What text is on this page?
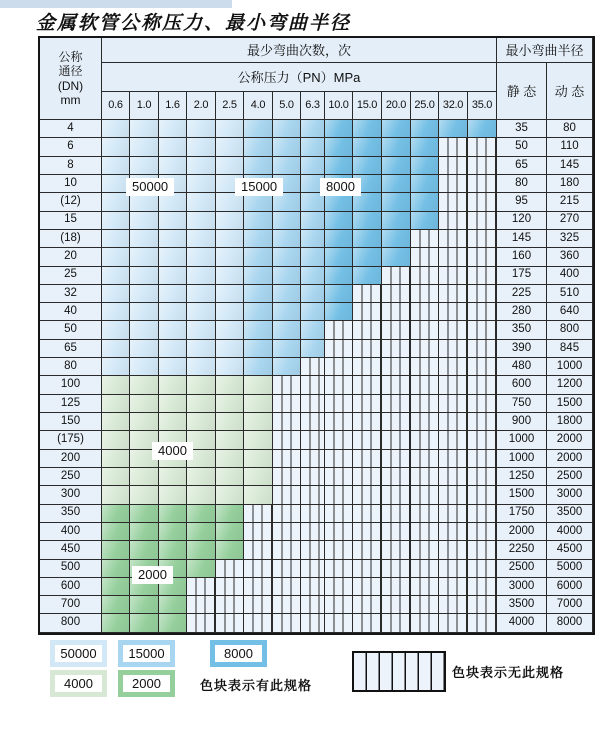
金属软管公称压力、最小弯曲半径
公称
通径
(DN)
mm
最少弯曲次数，次	最小弯曲半径
公称压力（PN）MPa
静 态	动 态
0.6	1.0	1.6	2.0	2.5	4.0	5.0	6.3 10.0 15.0 20.0 25.0 32.0 35.0
4	35	80
6	50	110
8	65	145
10	80	180
(12)	95	215
15	120	270
(18)	145	325
20	160	360
25	175	400
32	225	510
40	280	640
50	350	800
65	390	845
80	480	1000
100	600	1200
125	750	1500
150	900	1800
(175)	1000	2000
200	1000	2000
250	1250	2500
300	1500	3000
350	1750	3500
400	2000	4000
450	2250	4500
500	2500	5000
600	3000	6000
700	3500	7000
800	4000	8000
50000	15000	8000
4000
2000
50000	15000	8000
4000	2000	色块表示有此规格
色块表示无此规格
